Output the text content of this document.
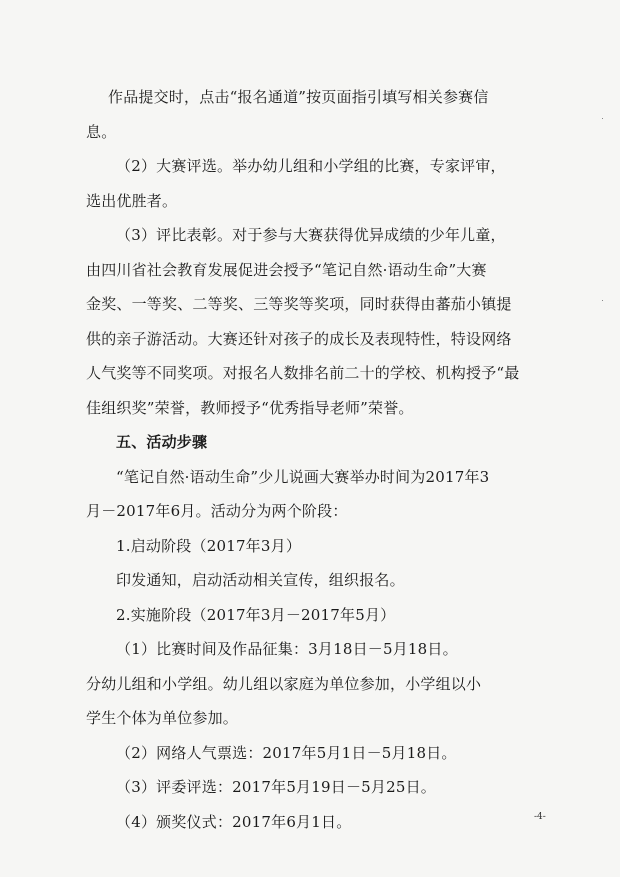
作品提交时，点击“报名通道”按页面指引填写相关参赛信
息。
（2）大赛评选。举办幼儿组和小学组的比赛，专家评审，
选出优胜者。
（3）评比表彰。对于参与大赛获得优异成绩的少年儿童，
由四川省社会教育发展促进会授予“笔记自然·语动生命”大赛
金奖、一等奖、二等奖、三等奖等奖项，同时获得由蕃茄小镇提
供的亲子游活动。大赛还针对孩子的成长及表现特性，特设网络
人气奖等不同奖项。对报名人数排名前二十的学校、机构授予“最
佳组织奖”荣誉，教师授予“优秀指导老师”荣誉。
五、活动步骤
“笔记自然·语动生命”少儿说画大赛举办时间为2017年3
月－2017年6月。活动分为两个阶段：
1.启动阶段（2017年3月）
印发通知，启动活动相关宣传，组织报名。
2.实施阶段（2017年3月－2017年5月）
（1）比赛时间及作品征集：3月18日－5月18日。
分幼儿组和小学组。幼儿组以家庭为单位参加，小学组以小
学生个体为单位参加。
（2）网络人气票选：2017年5月1日－5月18日。
（3）评委评选：2017年5月19日－5月25日。
（4）颁奖仪式：2017年6月1日。	-4-
